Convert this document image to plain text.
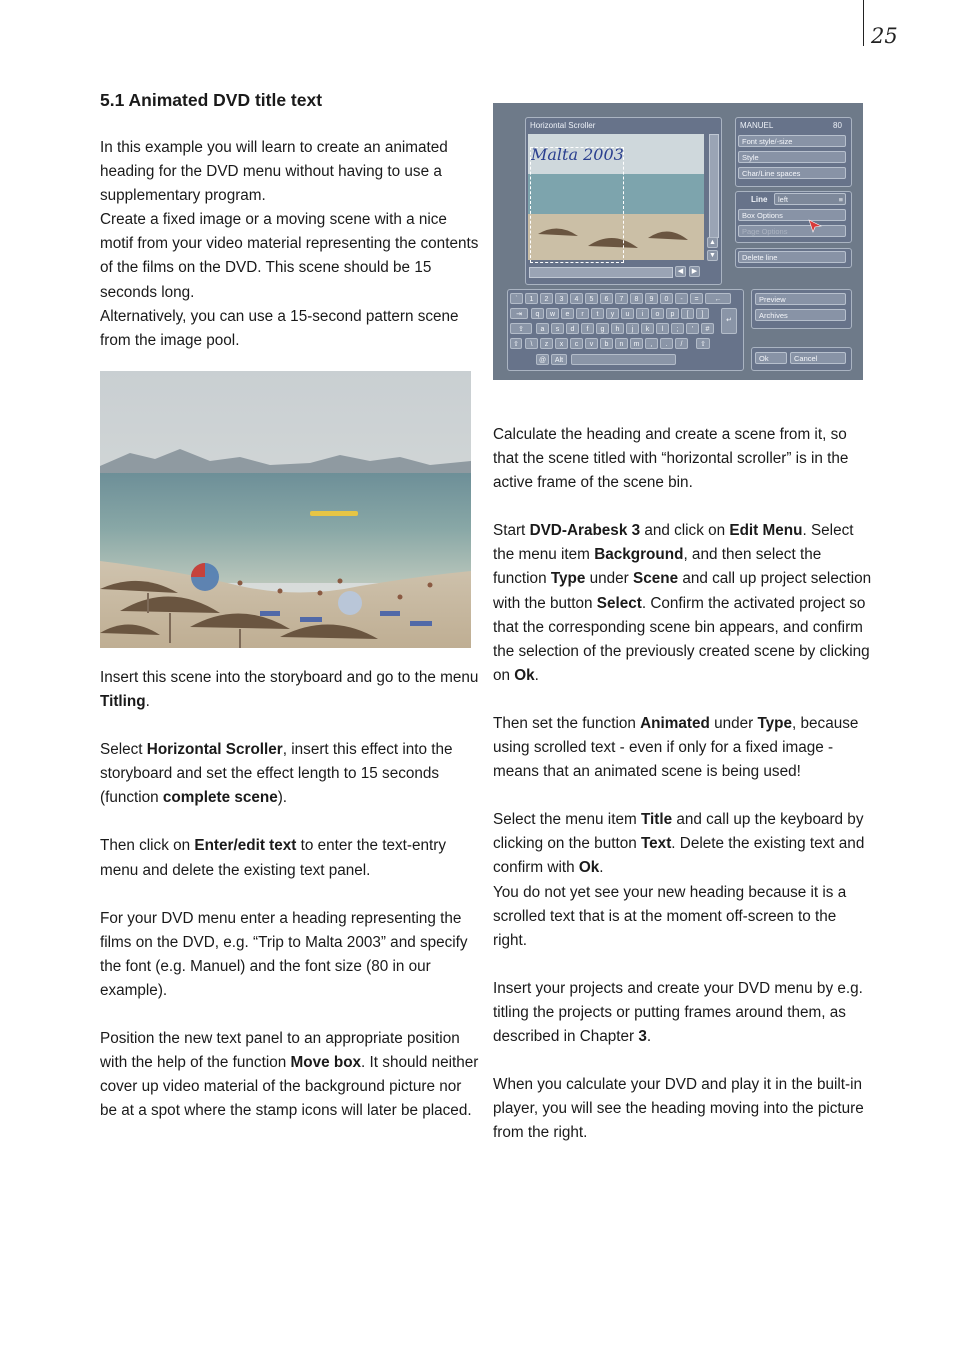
25
5.1 Animated DVD title text

In this example you will learn to create an animated heading for the DVD menu without having to use a supplementary program.
Create a fixed image or a moving scene with a nice motif from your video material representing the contents of the films on the DVD. This scene should be 15 seconds long.
Alternatively, you can use a 15-second pattern scene from the image pool.

Insert this scene into the storyboard and go to the menu Titling.

Select Horizontal Scroller, insert this effect into the storyboard and set the effect length to 15 seconds (function complete scene).

Then click on Enter/edit text to enter the text-entry menu and delete the existing text panel.

For your DVD menu enter a heading representing the films on the DVD, e.g. “Trip to Malta 2003” and specify the font (e.g. Manuel) and the font size (80 in our example).

Position the new text panel to an appropriate position with the help of the function Move box. It should neither cover up video material of the background picture nor be at a spot where the stamp icons will later be placed.

Horizontal Scroller
Malta 2003
▲
▼
◀	▶
MANUEL	80
Font style/-size
Style
Char/Line spaces
Line	left	≡
Box Options
Page Options
Delete line
`
⇥
⇪
⇧
←
↵
⇧
@	Alt
Preview
Archives
Ok	Cancel
1	2	3	4	5	6	7	8	9	0	-	=
q	w	e	r	t	y	u	i	o	p	[	]
a	s	d	f	g	h	j	k	l	;	'	#
\	z	x	c	v	b	n	m	,	.	/

Calculate the heading and create a scene from it, so that the scene titled with “horizontal scroller” is in the active frame of the scene bin.

Start DVD-Arabesk 3 and click on Edit Menu. Select the menu item Background, and then select the function Type under Scene and call up project selection with the button Select. Confirm the activated project so that the corresponding scene bin appears, and confirm the selection of the previously created scene by clicking on Ok.

Then set the function Animated under Type, because using scrolled text - even if only for a fixed image - means that an animated scene is being used!

Select the menu item Title and call up the keyboard by clicking on the button Text. Delete the existing text and confirm with Ok.
You do not yet see your new heading because it is a scrolled text that is at the moment off-screen to the right.

Insert your projects and create your DVD menu by e.g. titling the projects or putting frames around them, as described in Chapter 3.

When you calculate your DVD and play it in the built-in player, you will see the heading moving into the picture from the right.
